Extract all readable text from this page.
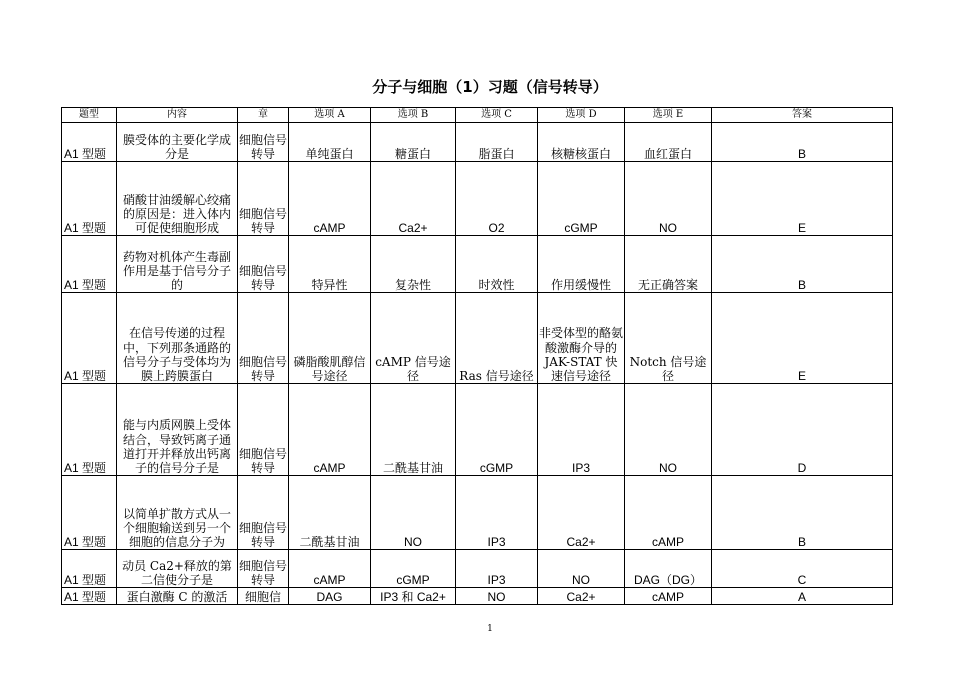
分子与细胞（1）习题（信号转导）
题型	内容	章	选项 A	选项 B	选项 C	选项 D	选项 E	答案
A1 型题	膜受体的主要化学成分是	细胞信号转导	单纯蛋白	糖蛋白	脂蛋白	核糖核蛋白	血红蛋白	B
A1 型题	硝酸甘油缓解心绞痛的原因是：进入体内可促使细胞形成	细胞信号转导	cAMP	Ca2+	O2	cGMP	NO	E
A1 型题	药物对机体产生毒副作用是基于信号分子的	细胞信号转导	特异性	复杂性	时效性	作用缓慢性	无正确答案	B
A1 型题	在信号传递的过程中，下列那条通路的信号分子与受体均为膜上跨膜蛋白	细胞信号转导	磷脂酸肌醇信号途径	cAMP 信号途径	Ras 信号途径	非受体型的酪氨酸激酶介导的JAK-STAT 快速信号途径	Notch 信号途径	E
A1 型题	能与内质网膜上受体结合，导致钙离子通道打开并释放出钙离子的信号分子是	细胞信号转导	cAMP	二酰基甘油	cGMP	IP3	NO	D
A1 型题	以简单扩散方式从一个细胞输送到另一个细胞的信息分子为	细胞信号转导	二酰基甘油	NO	IP3	Ca2+	cAMP	B
A1 型题	动员 Ca2+释放的第二信使分子是	细胞信号转导	cAMP	cGMP	IP3	NO	DAG（DG）	C
A1 型题	蛋白激酶 C 的激活	细胞信	DAG	IP3 和 Ca2+	NO	Ca2+	cAMP	A
1
